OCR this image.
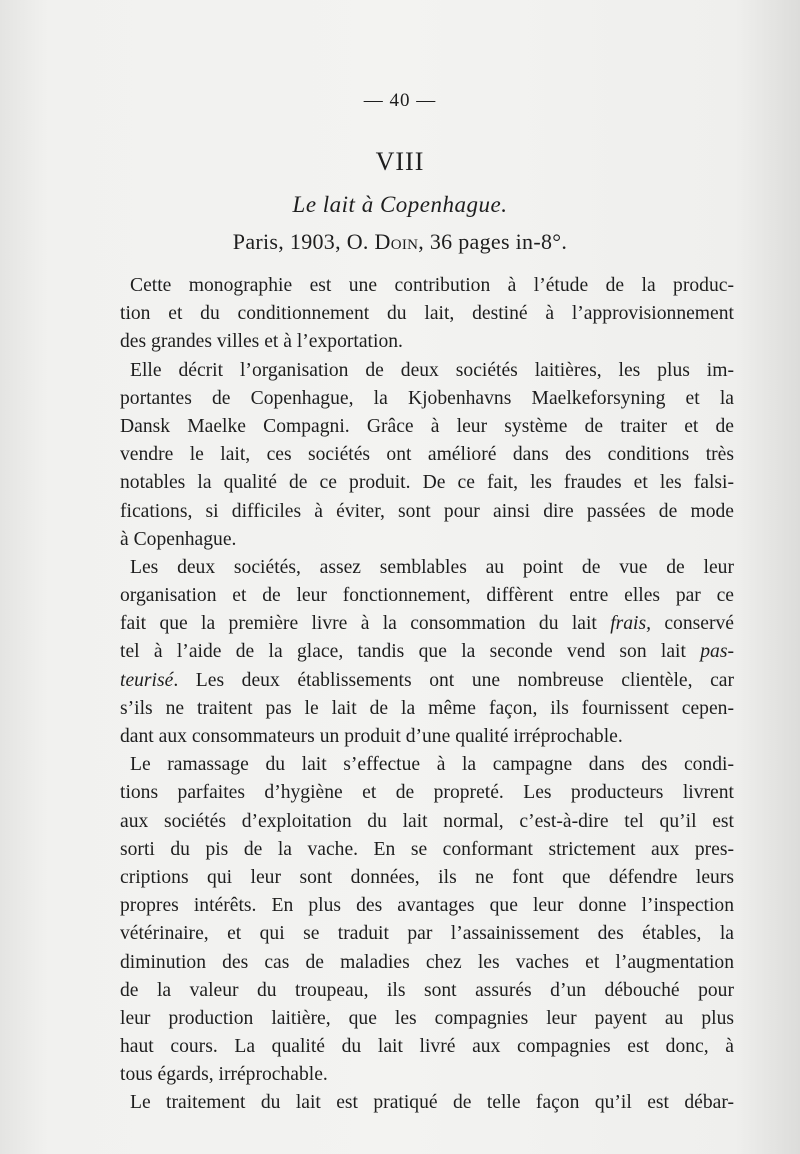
— 40 —
VIII
Le lait à Copenhague.
Paris, 1903, O. Doin, 36 pages in-8°.
Cette monographie est une contribution à l’étude de la produc-
tion et du conditionnement du lait, destiné à l’approvisionnement
des grandes villes et à l’exportation.
Elle décrit l’organisation de deux sociétés laitières, les plus im-
portantes de Copenhague, la Kjobenhavns Maelkeforsyning et la
Dansk Maelke Compagni. Grâce à leur système de traiter et de
vendre le lait, ces sociétés ont amélioré dans des conditions très
notables la qualité de ce produit. De ce fait, les fraudes et les falsi-
fications, si difficiles à éviter, sont pour ainsi dire passées de mode
à Copenhague.
Les deux sociétés, assez semblables au point de vue de leur
organisation et de leur fonctionnement, diffèrent entre elles par ce
fait que la première livre à la consommation du lait frais, conservé
tel à l’aide de la glace, tandis que la seconde vend son lait pas-
teurisé. Les deux établissements ont une nombreuse clientèle, car
s’ils ne traitent pas le lait de la même façon, ils fournissent cepen-
dant aux consommateurs un produit d’une qualité irréprochable.
Le ramassage du lait s’effectue à la campagne dans des condi-
tions parfaites d’hygiène et de propreté. Les producteurs livrent
aux sociétés d’exploitation du lait normal, c’est-à-dire tel qu’il est
sorti du pis de la vache. En se conformant strictement aux pres-
criptions qui leur sont données, ils ne font que défendre leurs
propres intérêts. En plus des avantages que leur donne l’inspection
vétérinaire, et qui se traduit par l’assainissement des étables, la
diminution des cas de maladies chez les vaches et l’augmentation
de la valeur du troupeau, ils sont assurés d’un débouché pour
leur production laitière, que les compagnies leur payent au plus
haut cours. La qualité du lait livré aux compagnies est donc, à
tous égards, irréprochable.
Le traitement du lait est pratiqué de telle façon qu’il est débar-
